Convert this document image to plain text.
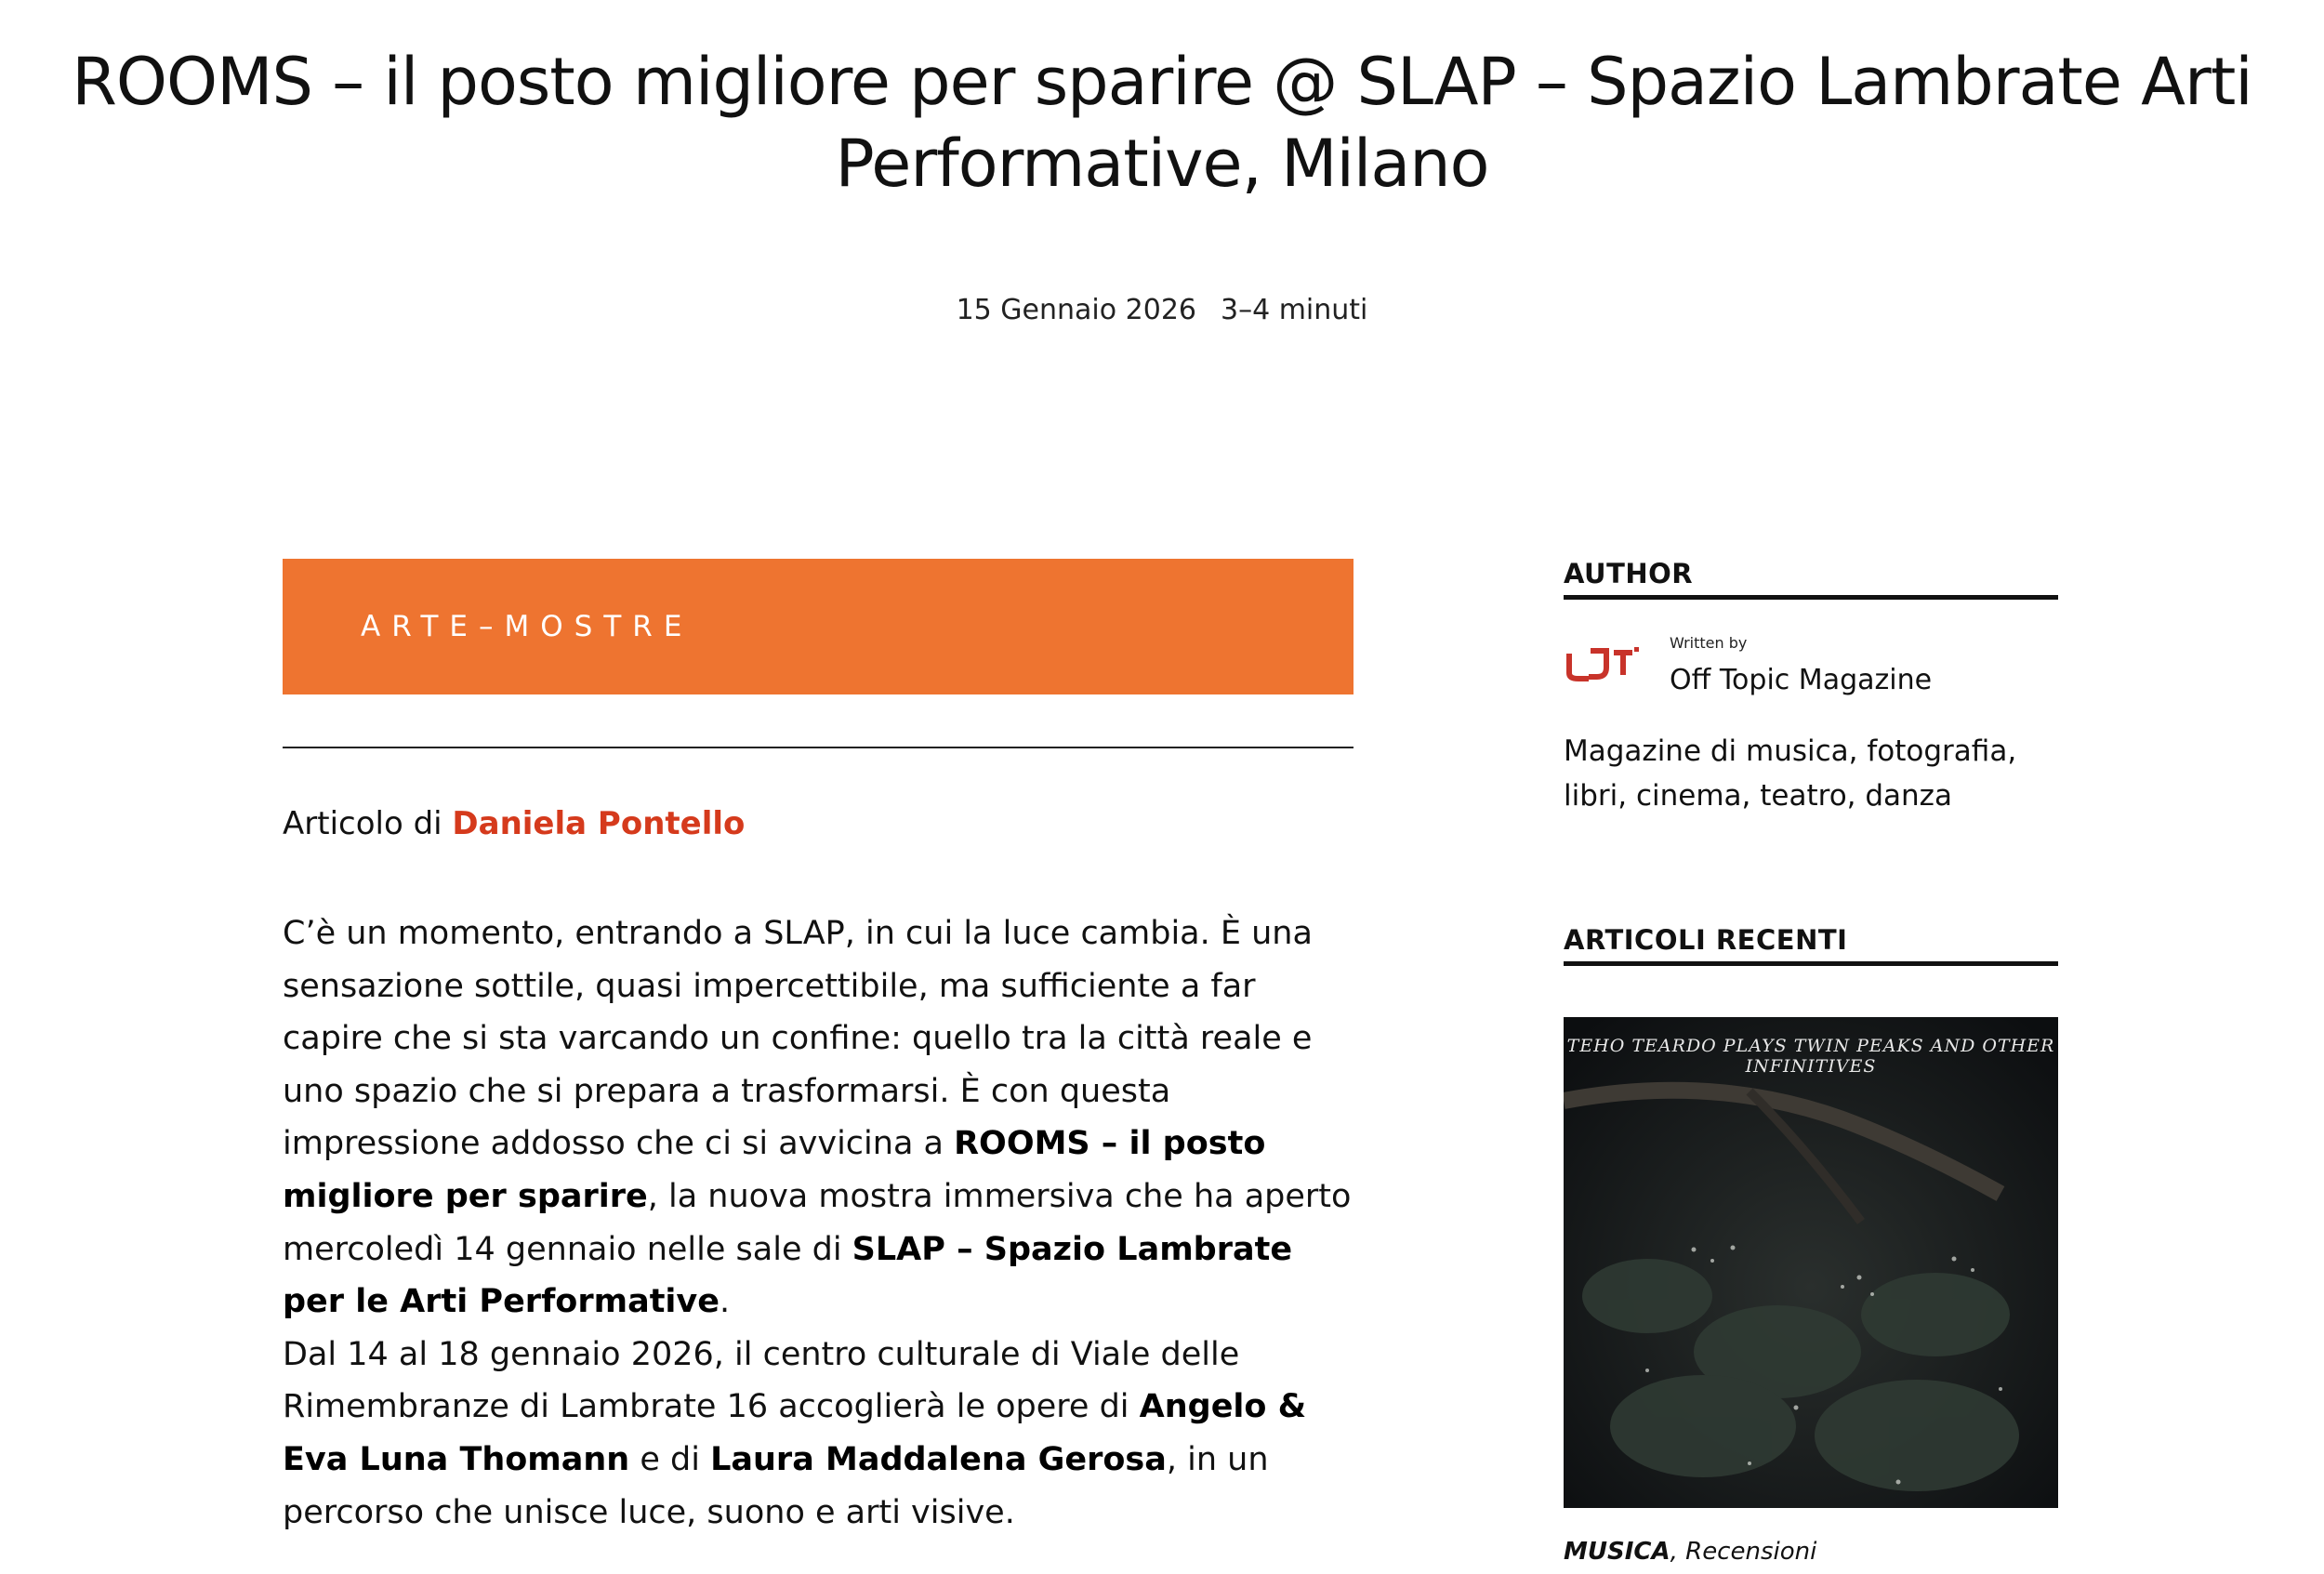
ROOMS – il posto migliore per sparire @ SLAP – Spazio Lambrate Arti Performative, Milano
15 Gennaio 2026 3–4 minuti
ARTE–MOSTRE
Articolo di Daniela Pontello

C’è un momento, entrando a SLAP, in cui la luce cambia. È una sensazione sottile, quasi impercettibile, ma sufficiente a far capire che si sta varcando un confine: quello tra la città reale e uno spazio che si prepara a trasformarsi. È con questa impressione addosso che ci si avvicina a ROOMS – il posto migliore per sparire, la nuova mostra immersiva che ha aperto mercoledì 14 gennaio nelle sale di SLAP – Spazio Lambrate per le Arti Performative.

Dal 14 al 18 gennaio 2026, il centro culturale di Viale delle Rimembranze di Lambrate 16 accoglierà le opere di Angelo & Eva Luna Thomann e di Laura Maddalena Gerosa, in un percorso che unisce luce, suono e arti visive.

AUTHOR
Written by
Off Topic Magazine
Magazine di musica, fotografia, libri, cinema, teatro, danza
ARTICOLI RECENTI
TEHO TEARDO PLAYS TWIN PEAKS AND OTHER INFINITIVES
MUSICA, Recensioni
